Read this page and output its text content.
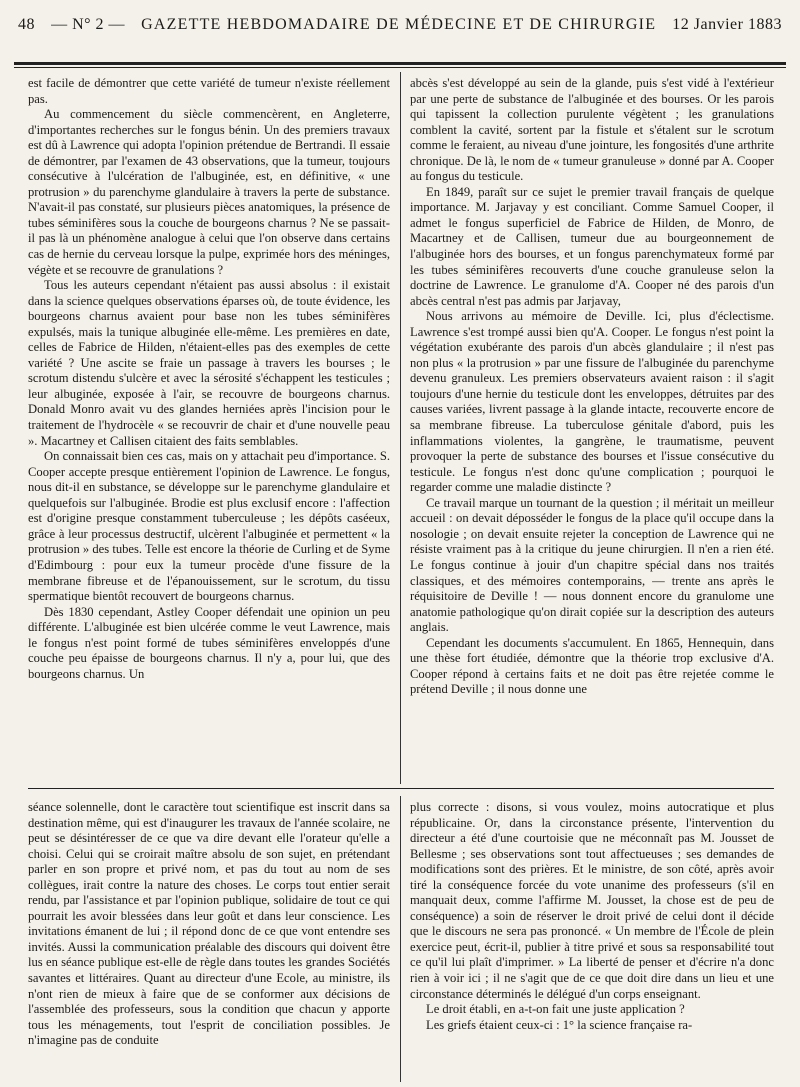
48 — N° 2 — GAZETTE HEBDOMADAIRE DE MÉDECINE ET DE CHIRURGIE 12 Janvier 1883

est facile de démontrer que cette variété de tumeur n'existe réellement pas.

Au commencement du siècle commencèrent, en Angleterre, d'importantes recherches sur le fongus bénin. Un des premiers travaux est dû à Lawrence qui adopta l'opinion prétendue de Bertrandi. Il essaie de démontrer, par l'examen de 43 observations, que la tumeur, toujours consécutive à l'ulcération de l'albuginée, est, en définitive, « une protrusion » du parenchyme glandulaire à travers la perte de substance. N'avait-il pas constaté, sur plusieurs pièces anatomiques, la présence de tubes séminifères sous la couche de bourgeons charnus ? Ne se passait-il pas là un phénomène analogue à celui que l'on observe dans certains cas de hernie du cerveau lorsque la pulpe, exprimée hors des méninges, végète et se recouvre de granulations ?

Tous les auteurs cependant n'étaient pas aussi absolus : il existait dans la science quelques observations éparses où, de toute évidence, les bourgeons charnus avaient pour base non les tubes séminifères expulsés, mais la tunique albuginée elle-même. Les premières en date, celles de Fabrice de Hilden, n'étaient-elles pas des exemples de cette variété ? Une ascite se fraie un passage à travers les bourses ; le scrotum distendu s'ulcère et avec la sérosité s'échappent les testicules ; leur albuginée, exposée à l'air, se recouvre de bourgeons charnus. Donald Monro avait vu des glandes herniées après l'incision pour le traitement de l'hydrocèle « se recouvrir de chair et d'une nouvelle peau ». Macartney et Callisen citaient des faits semblables.

On connaissait bien ces cas, mais on y attachait peu d'importance. S. Cooper accepte presque entièrement l'opinion de Lawrence. Le fongus, nous dit-il en substance, se développe sur le parenchyme glandulaire et quelquefois sur l'albuginée. Brodie est plus exclusif encore : l'affection est d'origine presque constamment tuberculeuse ; les dépôts caséeux, grâce à leur processus destructif, ulcèrent l'albuginée et permettent « la protrusion » des tubes. Telle est encore la théorie de Curling et de Syme d'Edimbourg : pour eux la tumeur procède d'une fissure de la membrane fibreuse et de l'épanouissement, sur le scrotum, du tissu spermatique bientôt recouvert de bourgeons charnus.

Dès 1830 cependant, Astley Cooper défendait une opinion un peu différente. L'albuginée est bien ulcérée comme le veut Lawrence, mais le fongus n'est point formé de tubes séminifères enveloppés d'une couche peu épaisse de bourgeons charnus. Il n'y a, pour lui, que des bourgeons charnus. Un

abcès s'est développé au sein de la glande, puis s'est vidé à l'extérieur par une perte de substance de l'albuginée et des bourses. Or les parois qui tapissent la collection purulente végètent ; les granulations comblent la cavité, sortent par la fistule et s'étalent sur le scrotum comme le feraient, au niveau d'une jointure, les fongosités d'une arthrite chronique. De là, le nom de « tumeur granuleuse » donné par A. Cooper au fongus du testicule.

En 1849, paraît sur ce sujet le premier travail français de quelque importance. M. Jarjavay y est conciliant. Comme Samuel Cooper, il admet le fongus superficiel de Fabrice de Hilden, de Monro, de Macartney et de Callisen, tumeur due au bourgeonnement de l'albuginée hors des bourses, et un fongus parenchymateux formé par les tubes séminifères recouverts d'une couche granuleuse selon la doctrine de Lawrence. Le granulome d'A. Cooper né des parois d'un abcès central n'est pas admis par Jarjavay,

Nous arrivons au mémoire de Deville. Ici, plus d'éclectisme. Lawrence s'est trompé aussi bien qu'A. Cooper. Le fongus n'est point la végétation exubérante des parois d'un abcès glandulaire ; il n'est pas non plus « la protrusion » par une fissure de l'albuginée du parenchyme devenu granuleux. Les premiers observateurs avaient raison : il s'agit toujours d'une hernie du testicule dont les enveloppes, détruites par des causes variées, livrent passage à la glande intacte, recouverte encore de sa membrane fibreuse. La tuberculose génitale d'abord, puis les inflammations violentes, la gangrène, le traumatisme, peuvent provoquer la perte de substance des bourses et l'issue consécutive du testicule. Le fongus n'est donc qu'une complication ; pourquoi le regarder comme une maladie distincte ?

Ce travail marque un tournant de la question ; il méritait un meilleur accueil : on devait déposséder le fongus de la place qu'il occupe dans la nosologie ; on devait ensuite rejeter la conception de Lawrence qui ne résiste vraiment pas à la critique du jeune chirurgien. Il n'en a rien été. Le fongus continue à jouir d'un chapitre spécial dans nos traités classiques, et des mémoires contemporains, — trente ans après le réquisitoire de Deville ! — nous donnent encore du granulome une anatomie pathologique qu'on dirait copiée sur la description des auteurs anglais.

Cependant les documents s'accumulent. En 1865, Hennequin, dans une thèse fort étudiée, démontre que la théorie trop exclusive d'A. Cooper répond à certains faits et ne doit pas être rejetée comme le prétend Deville ; il nous donne une

séance solennelle, dont le caractère tout scientifique est inscrit dans sa destination même, qui est d'inaugurer les travaux de l'année scolaire, ne peut se désintéresser de ce que va dire devant elle l'orateur qu'elle a choisi. Celui qui se croirait maître absolu de son sujet, en prétendant parler en son propre et privé nom, et pas du tout au nom de ses collègues, irait contre la nature des choses. Le corps tout entier serait rendu, par l'assistance et par l'opinion publique, solidaire de tout ce qui pourrait les avoir blessées dans leur goût et dans leur conscience. Les invitations émanent de lui ; il répond donc de ce que vont entendre ses invités. Aussi la communication préalable des discours qui doivent être lus en séance publique est-elle de règle dans toutes les grandes Sociétés savantes et littéraires. Quant au directeur d'une Ecole, au ministre, ils n'ont rien de mieux à faire que de se conformer aux décisions de l'assemblée des professeurs, sous la condition que chacun y apporte tous les ménagements, tout l'esprit de conciliation possibles. Je n'imagine pas de conduite

plus correcte : disons, si vous voulez, moins autocratique et plus républicaine. Or, dans la circonstance présente, l'intervention du directeur a été d'une courtoisie que ne méconnaît pas M. Jousset de Bellesme ; ses observations sont tout affectueuses ; ses demandes de modifications sont des prières. Et le ministre, de son côté, après avoir tiré la conséquence forcée du vote unanime des professeurs (s'il en manquait deux, comme l'affirme M. Jousset, la chose est de peu de conséquence) a soin de réserver le droit privé de celui dont il décide que le discours ne sera pas prononcé. « Un membre de l'École de plein exercice peut, écrit-il, publier à titre privé et sous sa responsabilité tout ce qu'il lui plaît d'imprimer. » La liberté de penser et d'écrire n'a donc rien à voir ici ; il ne s'agit que de ce que doit dire dans un lieu et une circonstance déterminés le délégué d'un corps enseignant.

Le droit établi, en a-t-on fait une juste application ?

Les griefs étaient ceux-ci : 1° la science française ra-
